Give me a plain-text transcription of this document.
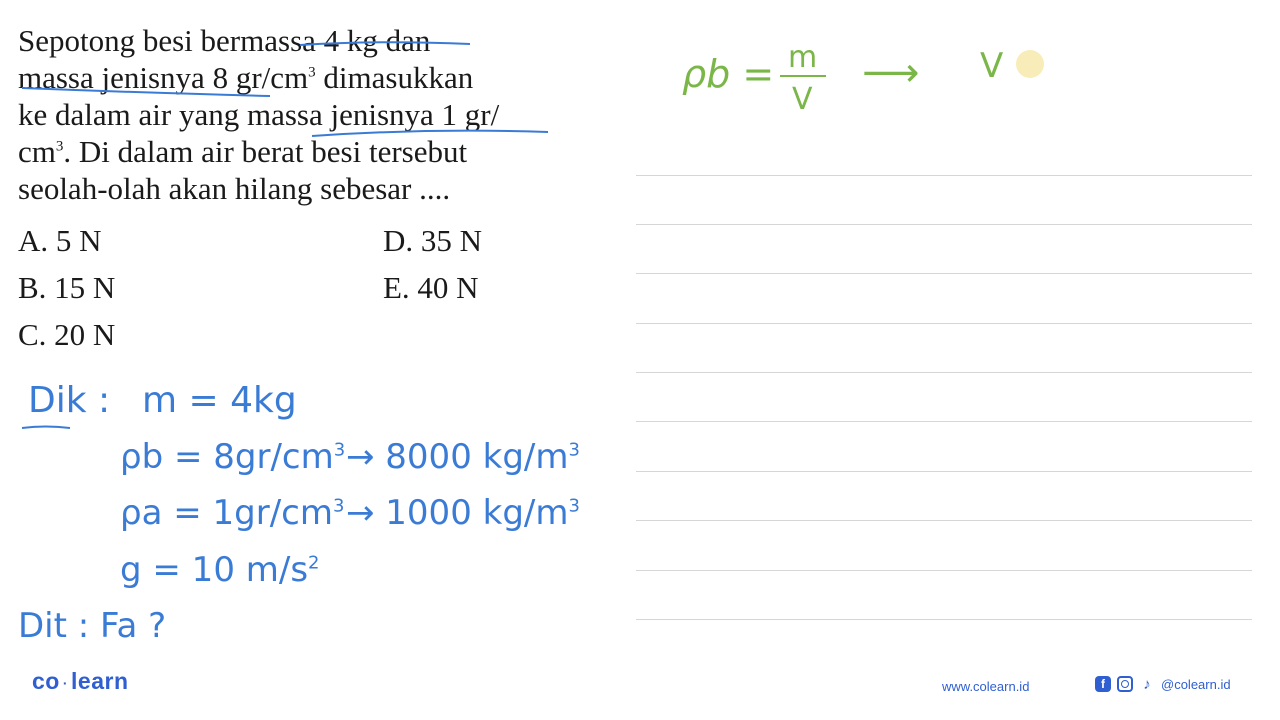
Sepotong besi bermassa 4 kg dan
massa jenisnya 8 $gr/cm^3$ dimasukkan
ke dalam air yang massa jenisnya 1 gr/
$cm^3$. Di dalam air berat besi tersebut
seolah-olah akan hilang sebesar ....
A. 5 N
B. 15 N
C. 20 N
D. 35 N
E. 40 N
ρb = m
V
⟶ V
Dik : m = 4kg
$\rho b = 8gr/cm^3 \to 8000$ $kg/m^3$
$\rho a = 1gr/cm^3 \to 1000$ $kg/m^3$
g = 10 $m/s^2$
Dit : Fa ?
co · learn	www.colearn.id	f	♪ @colearn.id
